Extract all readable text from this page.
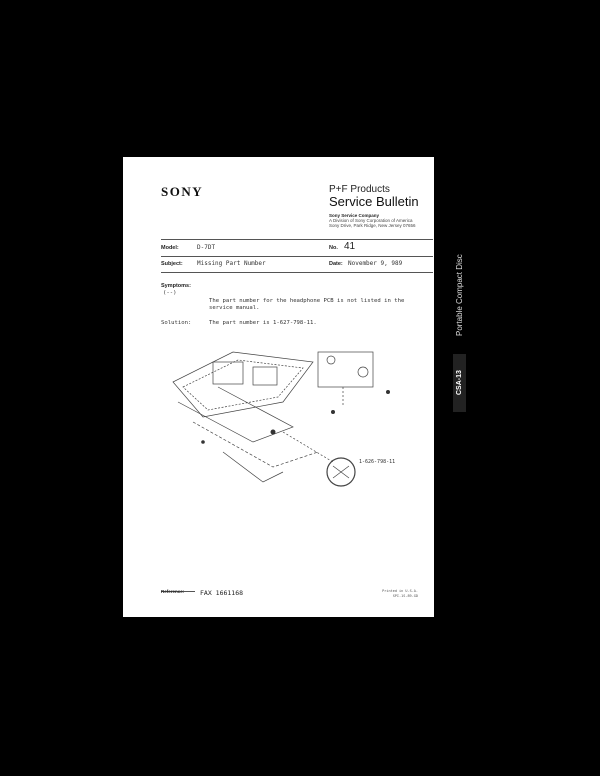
SONY	P+F Products
Service Bulletin
Sony Service Company
A Division of Sony Corporation of America
Sony Drive, Park Ridge, New Jersey 07656
Model:	D-7DT	No. 41
Subject: Missing Part Number	Date: November 9, 989
Symptoms:
(--)
The part number for the headphone PCB is not listed in the
service manual.
Solution:	The part number is 1-627-798-11.
1-626-798-11
Reference: FAX 1661168	Printed in U.S.A.
SPI-1S-89-GD
Portable Compact Disc
CSA-13
